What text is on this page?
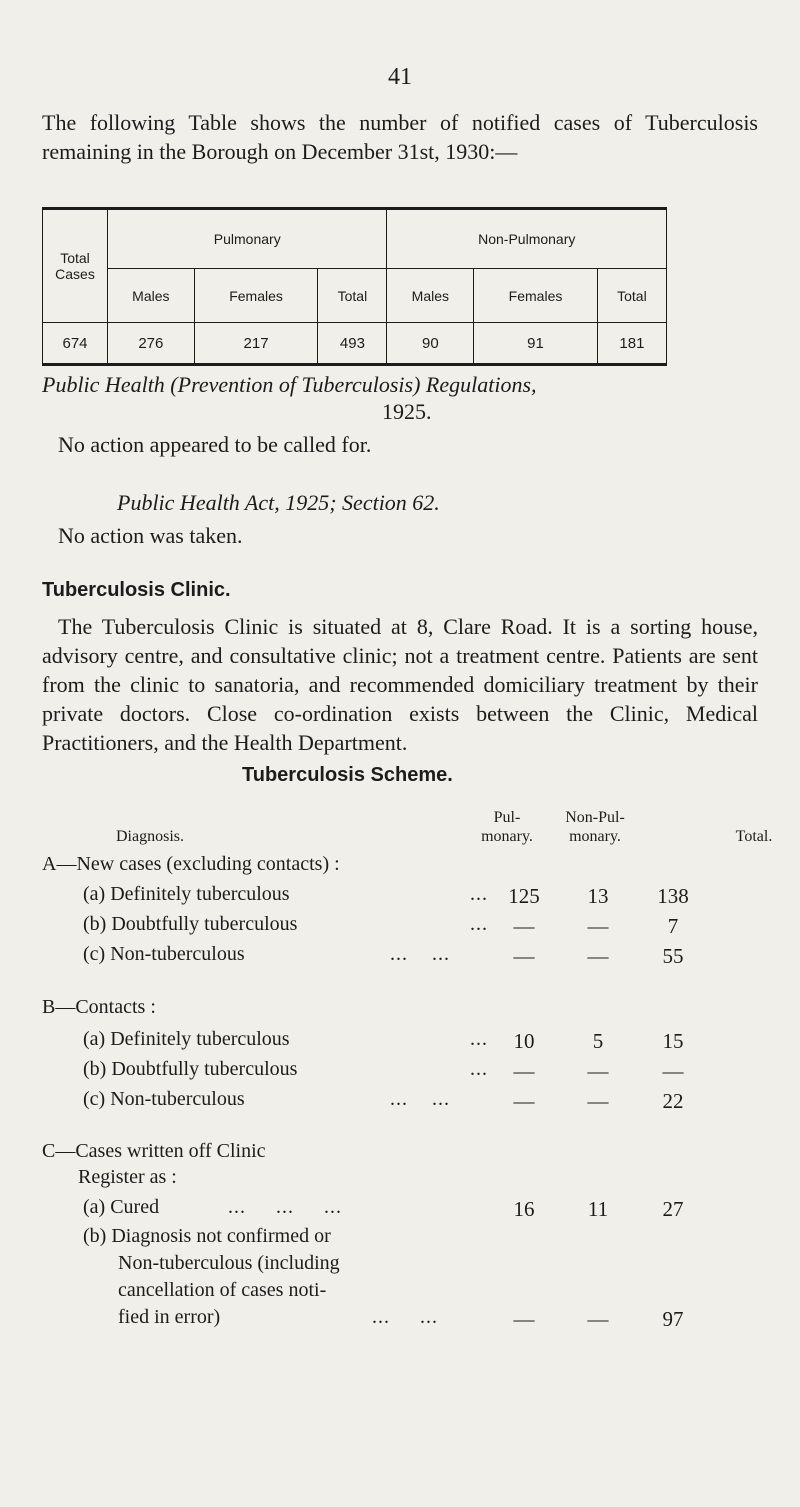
41
The following Table shows the number of notified cases of Tuberculosis remaining in the Borough on December 31st, 1930:—
Total Cases	Pulmonary			Non-Pulmonary		
	Males	Females	Total	Males	Females	Total
674	276	217	493	90	91	181
Public Health (Prevention of Tuberculosis) Regulations,
1925.
No action appeared to be called for.
Public Health Act, 1925; Section 62.
No action was taken.
Tuberculosis Clinic.
The Tuberculosis Clinic is situated at 8, Clare Road. It is a sorting house, advisory centre, and consultative clinic; not a treatment centre. Patients are sent from the clinic to sanatoria, and recommended domiciliary treatment by their private doctors. Close co-ordination exists between the Clinic, Medical Practitioners, and the Health Department.
Tuberculosis Scheme.
Diagnosis.
Pul-
monary.
Non-Pul-
monary.	Total.
A—New cases (excluding contacts) :
(a) Definitely tuberculous	... 125	13	138
(b) Doubtfully tuberculous	...	—	—	7
(c) Non-tuberculous	...    ...	—	—	55
B—Contacts :
(a) Definitely tuberculous	...	10	5	15
(b) Doubtfully tuberculous	...	—	—	—
(c) Non-tuberculous	...    ...	—	—	22
C—Cases written off Clinic
Register as :
(a) Cured	...     ...     ...	16	11	27
(b) Diagnosis not confirmed or
Non-tuberculous (including
cancellation of cases noti-
fied in error)	...     ...	—	—	97
